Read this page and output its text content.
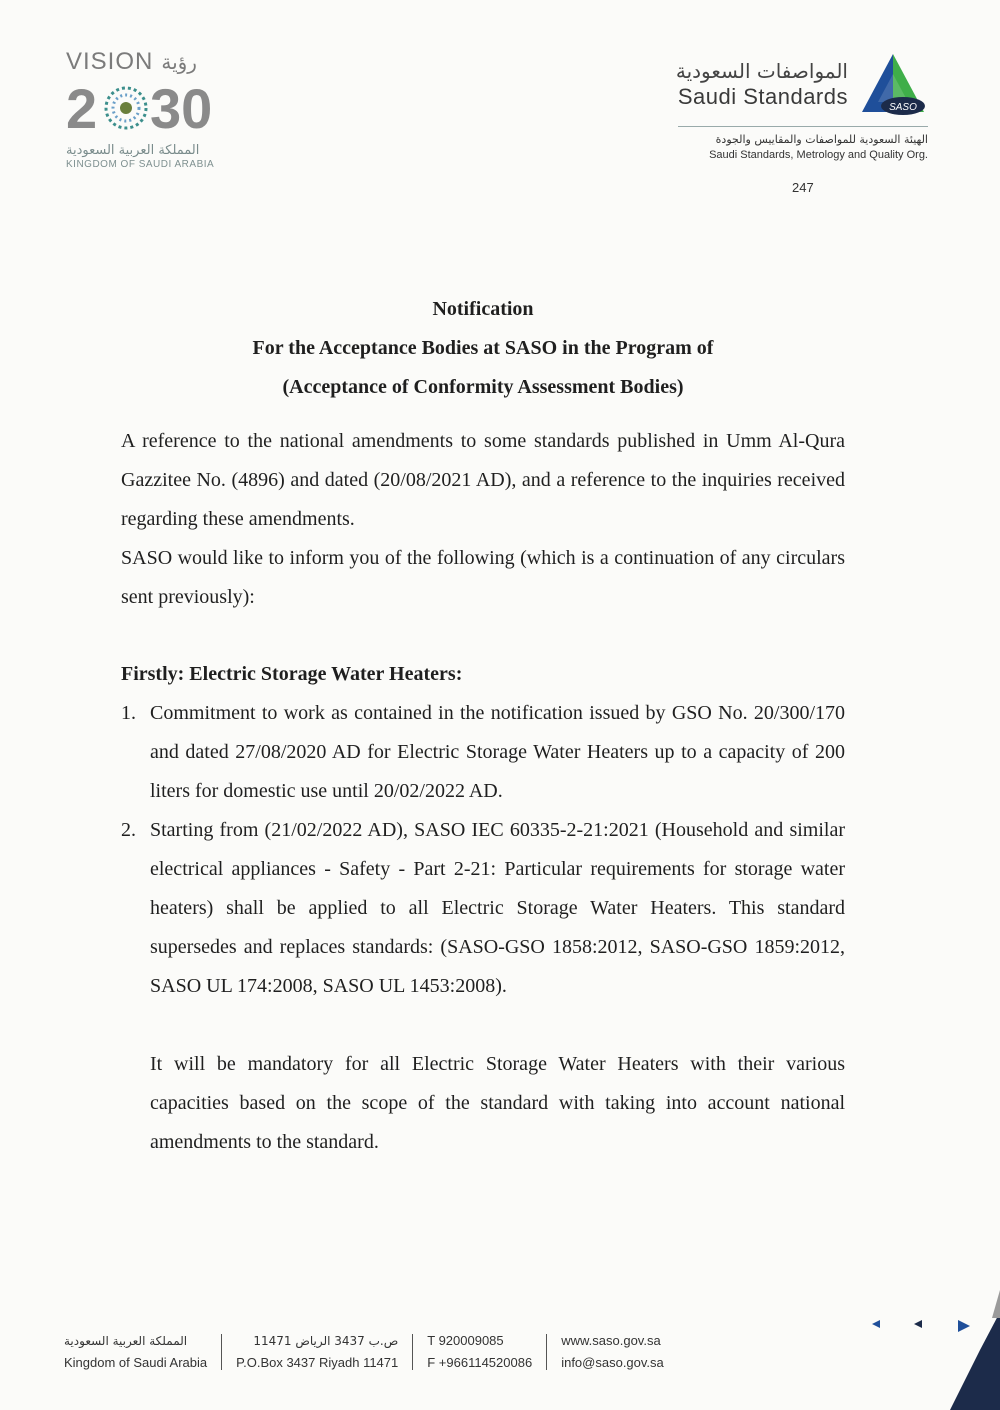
VISION رؤية
2 30
المملكة العربية السعودية
KINGDOM OF SAUDI ARABIA
المواصفات السعودية
Saudi Standards	SASO
الهيئة السعودية للمواصفات والمقاييس والجودة
Saudi Standards, Metrology and Quality Org.
247
Notification
For the Acceptance Bodies at SASO in the Program of
(Acceptance of Conformity Assessment Bodies)

A reference to the national amendments to some standards published in Umm Al-Qura Gazzitee No. (4896) and dated (20/08/2021 AD), and a reference to the inquiries received regarding these amendments.

SASO would like to inform you of the following (which is a continuation of any circulars sent previously):

Firstly: Electric Storage Water Heaters:

1. Commitment to work as contained in the notification issued by GSO No. 20/300/170 and dated 27/08/2020 AD for Electric Storage Water Heaters up to a capacity of 200 liters for domestic use until 20/02/2022 AD.
2. Starting from (21/02/2022 AD), SASO IEC 60335-2-21:2021 (Household and similar electrical appliances - Safety - Part 2-21: Particular requirements for storage water heaters) shall be applied to all Electric Storage Water Heaters. This standard supersedes and replaces standards: (SASO-GSO 1858:2012, SASO-GSO 1859:2012, SASO UL 174:2008, SASO UL 1453:2008).

It will be mandatory for all Electric Storage Water Heaters with their various capacities based on the scope of the standard with taking into account national amendments to the standard.

المملكة العربية السعودية
Kingdom of Saudi Arabia
ص.ب 3437 الرياض 11471
P.O.Box 3437 Riyadh 11471
T 920009085
F +966114520086
www.saso.gov.sa
info@saso.gov.sa
